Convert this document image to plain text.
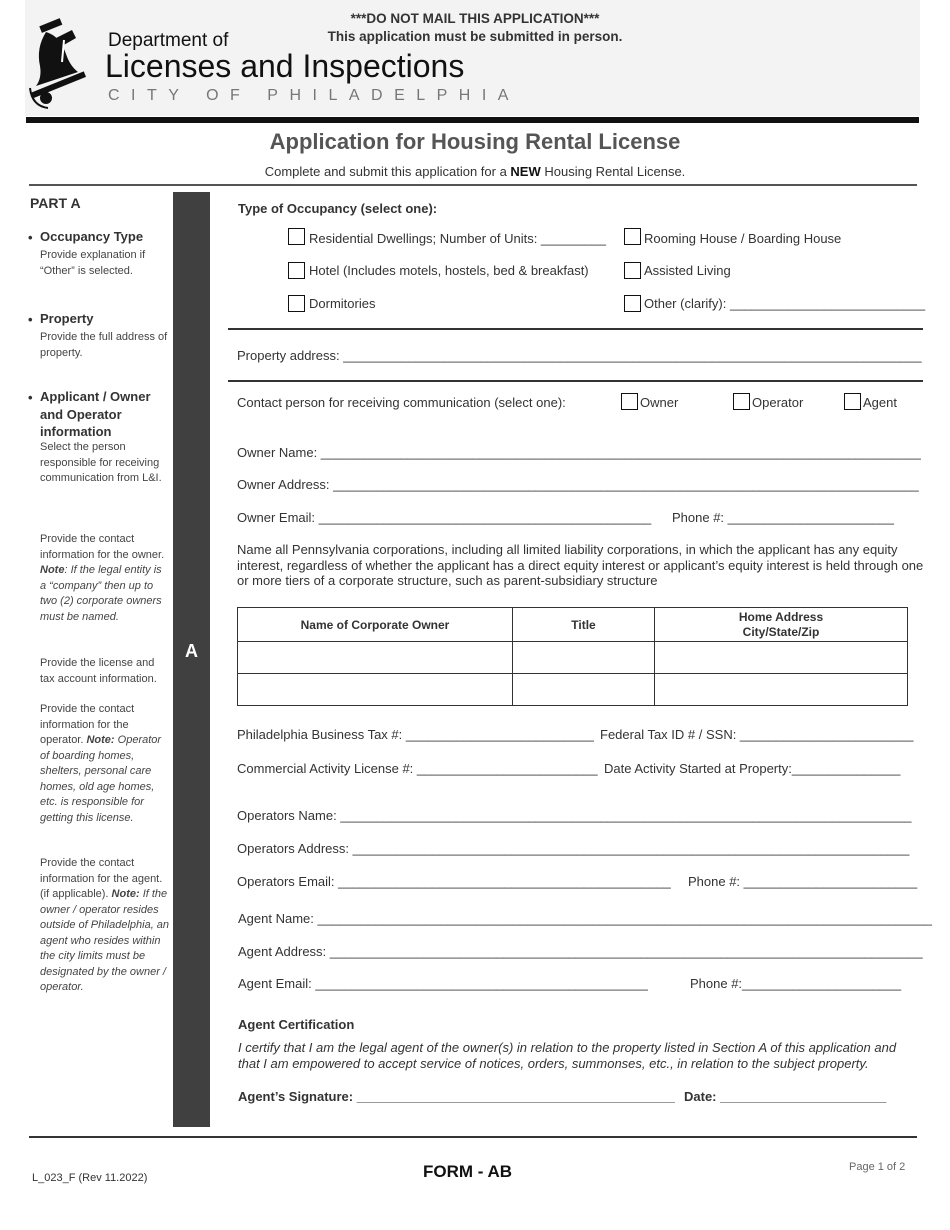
Department of
Licenses and Inspections
CITY OF PHILADELPHIA
***DO NOT MAIL THIS APPLICATION***
This application must be submitted in person.
Application for Housing Rental License
Complete and submit this application for a NEW Housing Rental License.
PART A
A
• Occupancy Type
Provide explanation if “Other” is selected.
• Property
Provide the full address of property.
• Applicant / Owner and Operator information
Select the person responsible for receiving communication from L&I.
Provide the contact information for the owner. Note: If the legal entity is a “company” then up to two (2) corporate owners must be named.
Provide the license and tax account information.
Provide the contact information for the operator. Note: Operator of boarding homes, shelters, personal care homes, old age homes, etc. is responsible for getting this license.
Provide the contact information for the agent.(if applicable). Note: If the owner / operator resides outside of Philadelphia, an agent who resides within the city limits must be designated by the owner / operator.
Type of Occupancy (select one):
Residential Dwellings; Number of Units: _________	Rooming House / Boarding House
Hotel (Includes motels, hostels, bed & breakfast)	Assisted Living
Dormitories	Other (clarify): ___________________________
Property address: ________________________________________________________________________________
Contact person for receiving communication (select one):	Owner	Operator	Agent
Owner Name: ___________________________________________________________________________________
Owner Address: _________________________________________________________________________________
Owner Email: ______________________________________________ Phone #: _______________________
Name all Pennsylvania corporations, including all limited liability corporations, in which the applicant has any equity interest, regardless of whether the applicant has a direct equity interest or applicant’s equity interest is held through one or more tiers of a corporate structure, such as parent-subsidiary structure
Name of Corporate Owner	Title	Home Address
City/State/Zip

Philadelphia Business Tax #: __________________________ Federal Tax ID # / SSN: ________________________
Commercial Activity License #: _________________________ Date Activity Started at Property:_______________
Operators Name: _______________________________________________________________________________
Operators Address: _____________________________________________________________________________
Operators Email: ______________________________________________ Phone #: ________________________
Agent Name: _____________________________________________________________________________________
Agent Address: __________________________________________________________________________________
Agent Email: ______________________________________________	Phone #:______________________
Agent Certification
I certify that I am the legal agent of the owner(s) in relation to the property listed in Section A of this application and that I am empowered to accept service of notices, orders, summonses, etc., in relation to the subject property.
Agent’s Signature: ____________________________________________ Date: _______________________
L_023_F (Rev 11.2022)	FORM - AB	Page 1 of 2
